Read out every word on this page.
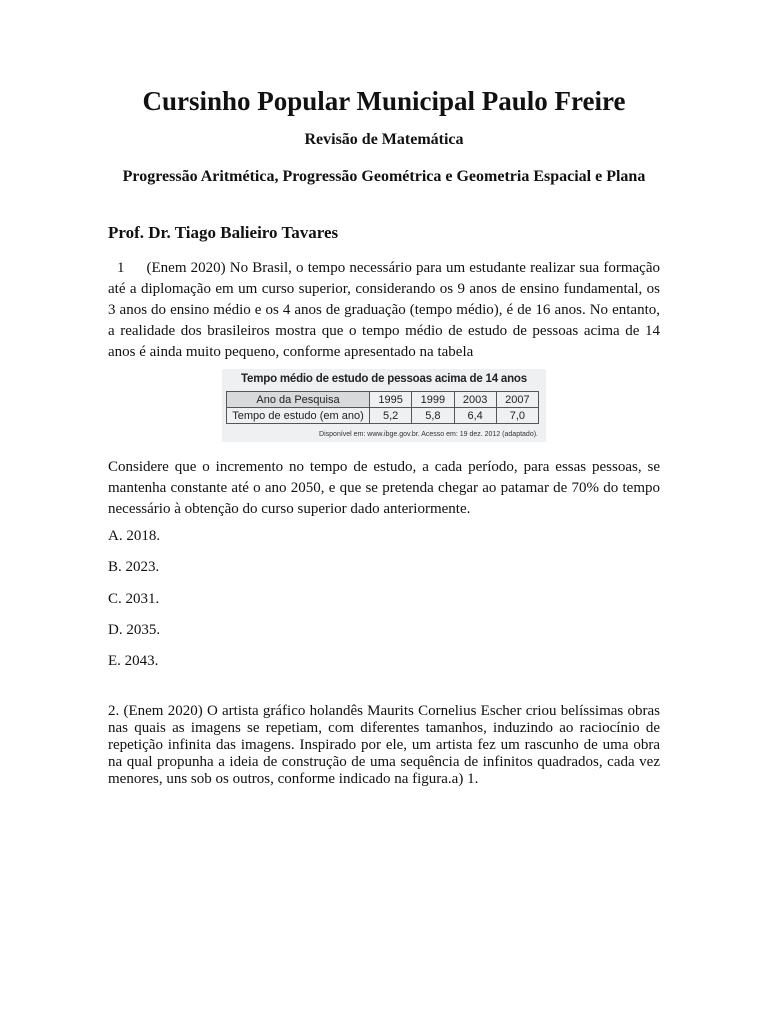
Cursinho Popular Municipal Paulo Freire

Revisão de Matemática

Progressão Aritmética, Progressão Geométrica e Geometria Espacial e Plana

Prof. Dr. Tiago Balieiro Tavares

1 (Enem 2020) No Brasil, o tempo necessário para um estudante realizar sua formação até a diplomação em um curso superior, considerando os 9 anos de ensino fundamental, os 3 anos do ensino médio e os 4 anos de graduação (tempo médio), é de 16 anos. No entanto, a realidade dos brasileiros mostra que o tempo médio de estudo de pessoas acima de 14 anos é ainda muito pequeno, conforme apresentado na tabela

Tempo médio de estudo de pessoas acima de 14 anos
Ano da Pesquisa	1995	1999	2003	2007
Tempo de estudo (em ano)	5,2	5,8	6,4	7,0
Disponível em: www.ibge.gov.br. Acesso em: 19 dez. 2012 (adaptado).

Considere que o incremento no tempo de estudo, a cada período, para essas pessoas, se mantenha constante até o ano 2050, e que se pretenda chegar ao patamar de 70% do tempo necessário à obtenção do curso superior dado anteriormente.

A. 2018.

B. 2023.

C. 2031.

D. 2035.

E. 2043.

2. (Enem 2020) O artista gráfico holandês Maurits Cornelius Escher criou belíssimas obras nas quais as imagens se repetiam, com diferentes tamanhos, induzindo ao raciocínio de repetição infinita das imagens. Inspirado por ele, um artista fez um rascunho de uma obra na qual propunha a ideia de construção de uma sequência de infinitos quadrados, cada vez menores, uns sob os outros, conforme indicado na figura.a) 1.
